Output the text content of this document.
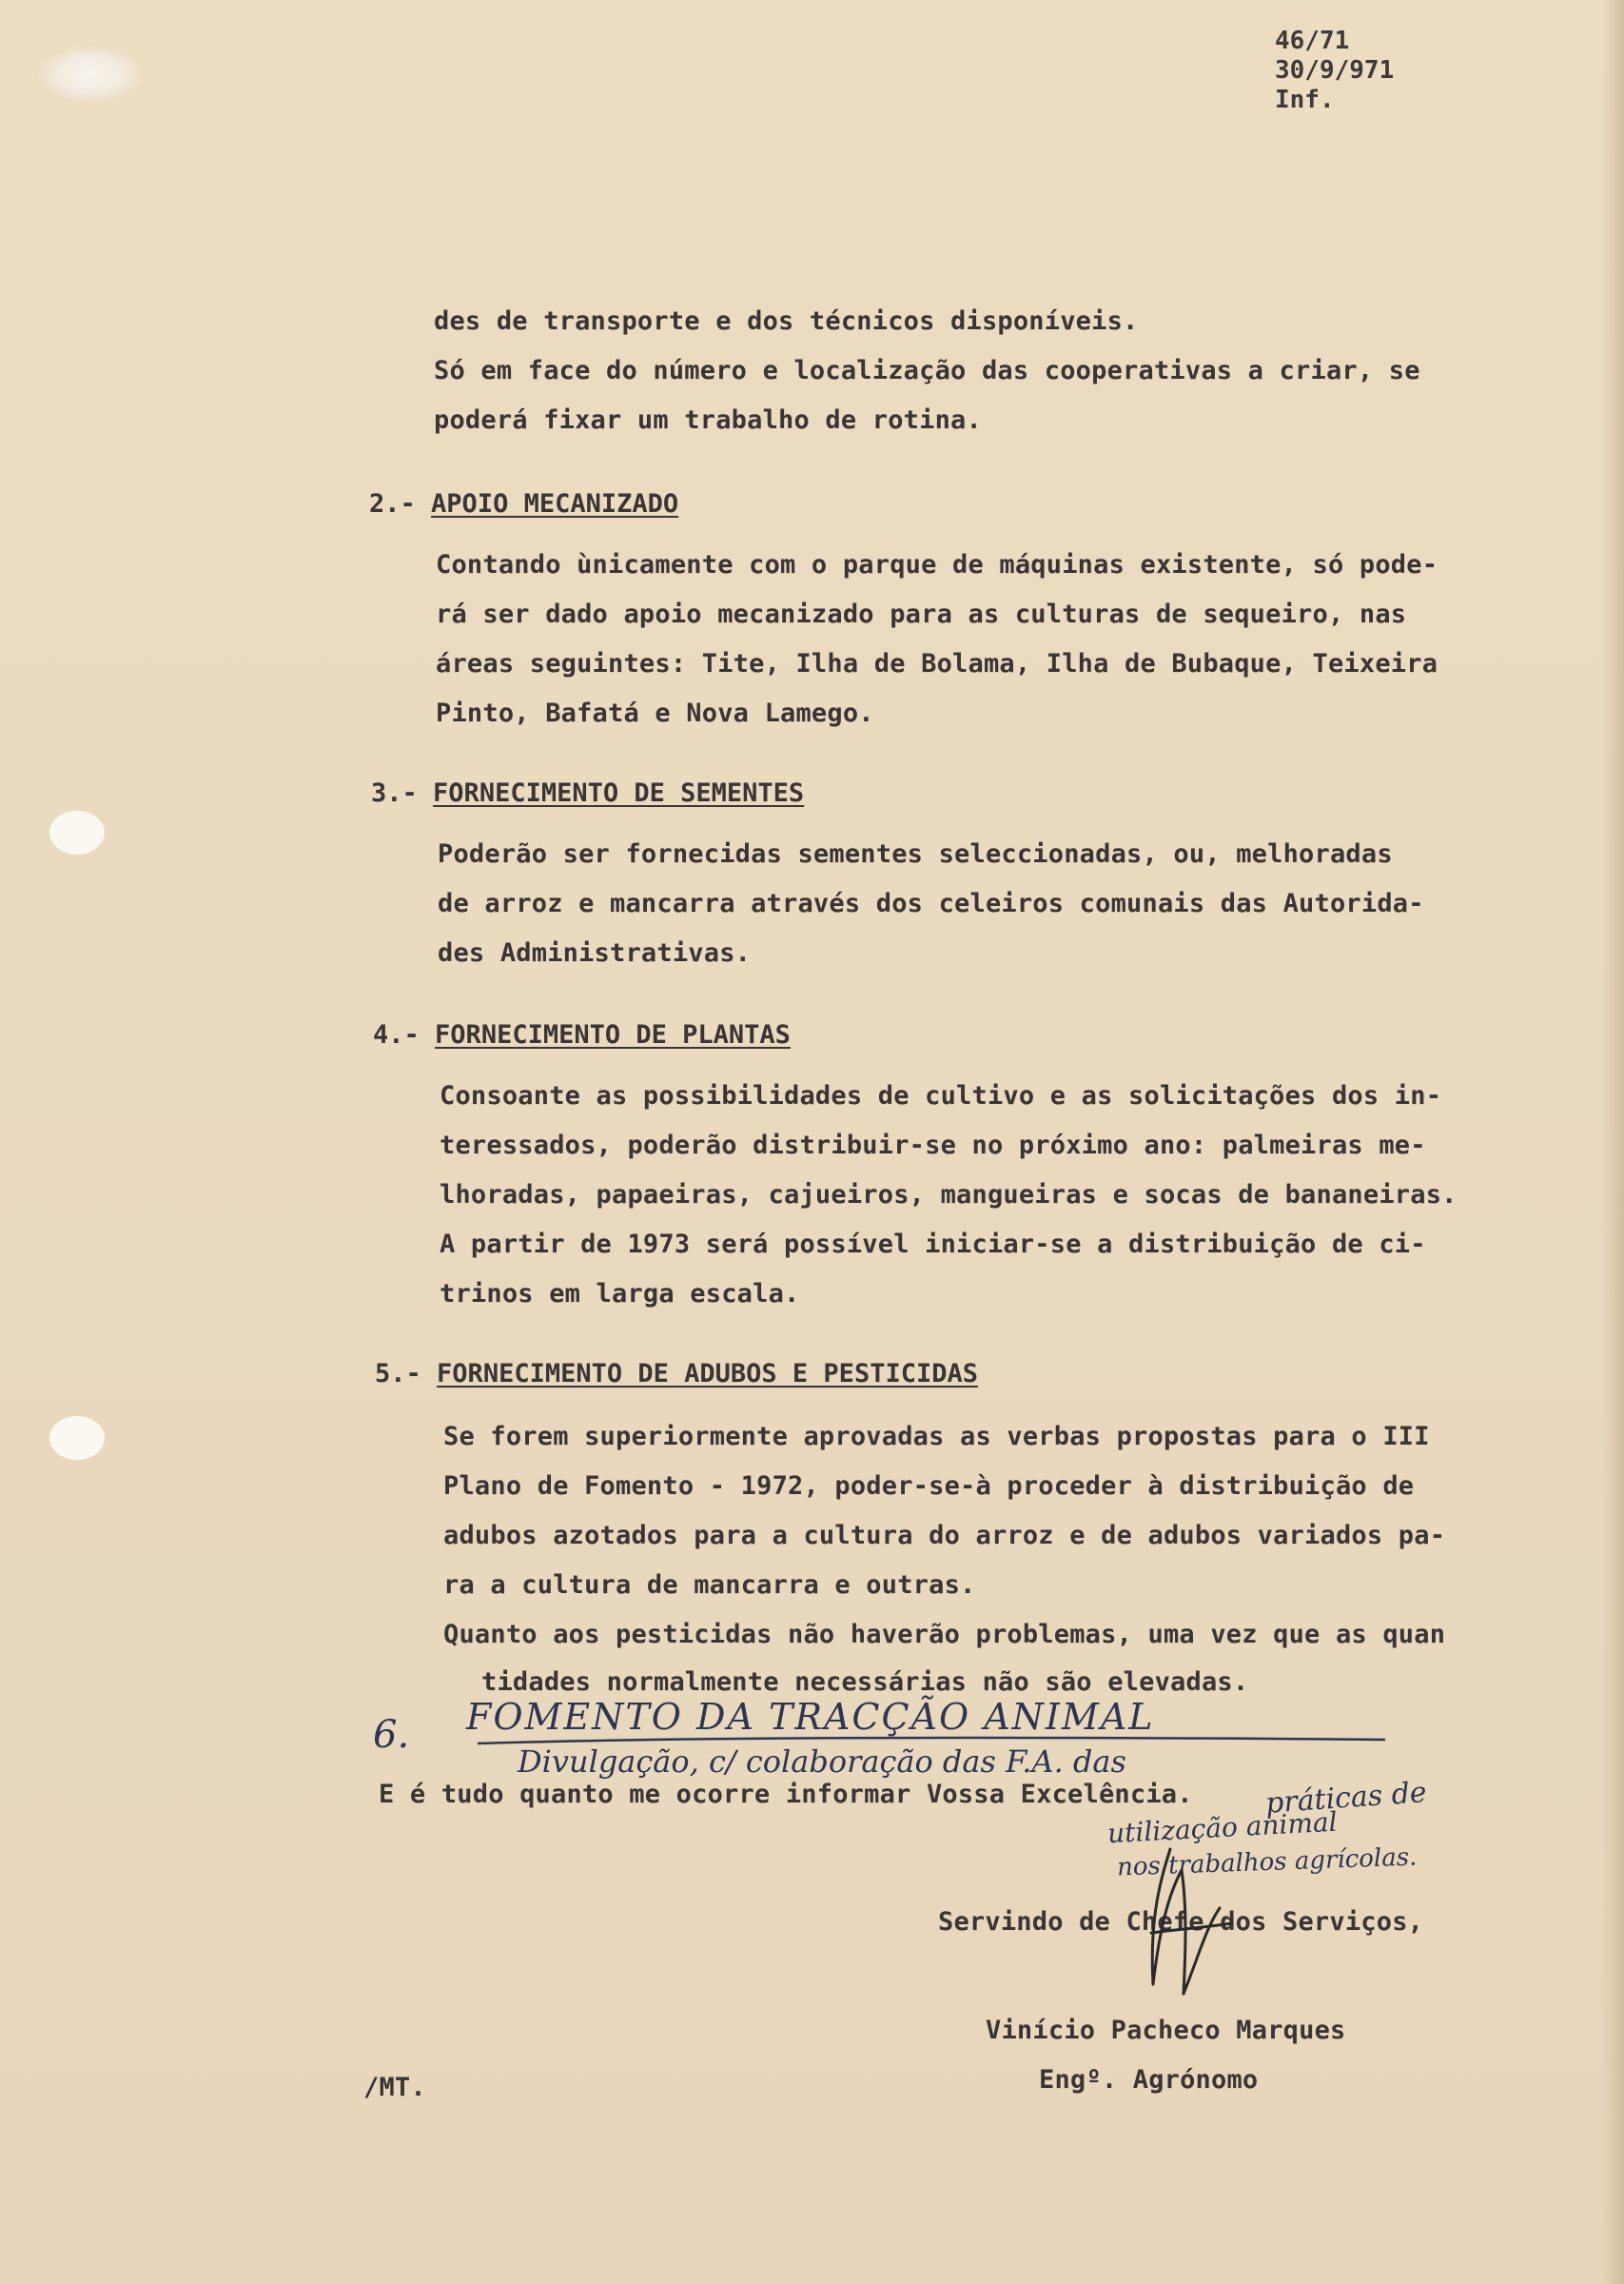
46/71
30/9/971
Inf.
des de transporte e dos técnicos disponíveis.
Só em face do número e localização das cooperativas a criar, se
poderá fixar um trabalho de rotina.
2.- APOIO MECANIZADO
Contando ùnicamente com o parque de máquinas existente, só pode-
rá ser dado apoio mecanizado para as culturas de sequeiro, nas
áreas seguintes: Tite, Ilha de Bolama, Ilha de Bubaque, Teixeira
Pinto, Bafatá e Nova Lamego.
3.- FORNECIMENTO DE SEMENTES
Poderão ser fornecidas sementes seleccionadas, ou, melhoradas
de arroz e mancarra através dos celeiros comunais das Autorida-
des Administrativas.
4.- FORNECIMENTO DE PLANTAS
Consoante as possibilidades de cultivo e as solicitações dos in-
teressados, poderão distribuir-se no próximo ano: palmeiras me-
lhoradas, papaeiras, cajueiros, mangueiras e socas de bananeiras.
A partir de 1973 será possível iniciar-se a distribuição de ci-
trinos em larga escala.
5.- FORNECIMENTO DE ADUBOS E PESTICIDAS
Se forem superiormente aprovadas as verbas propostas para o III
Plano de Fomento - 1972, poder-se-à proceder à distribuição de
adubos azotados para a cultura do arroz e de adubos variados pa-
ra a cultura de mancarra e outras.
Quanto aos pesticidas não haverão problemas, uma vez que as quan
tidades normalmente necessárias não são elevadas.
6. FOMENTO DA TRACÇÃO ANIMAL
Divulgação, c/ colaboração das F.A. das
E é tudo quanto me ocorre informar Vossa Excelência.	práticas de
utilização animal
nos trabalhos agrícolas.
Servindo de Chefe dos Serviços,
Vinício Pacheco Marques
Engº. Agrónomo
/MT.
